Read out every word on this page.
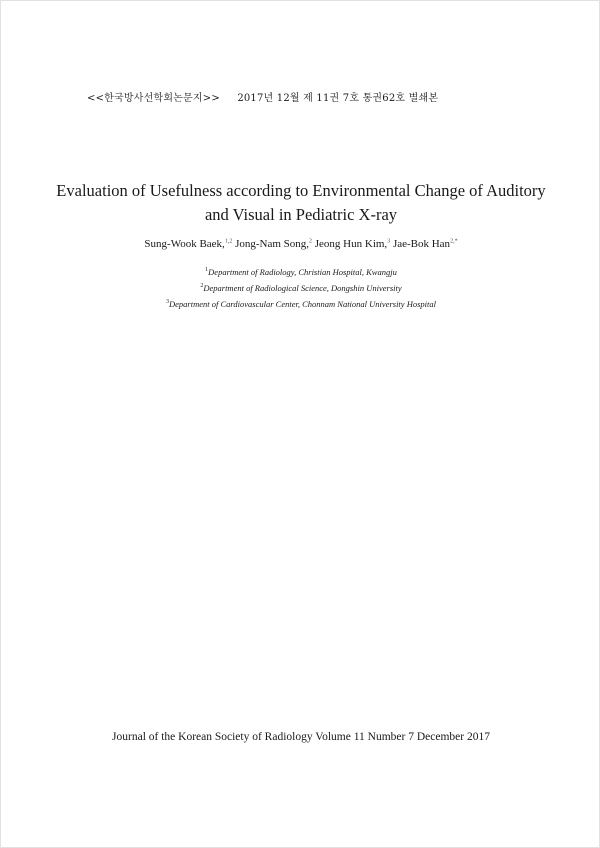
<<한국방사선학회논문지>> 2017년 12월 제 11권 7호 통권62호 별쇄본
Evaluation of Usefulness according to Environmental Change of Auditory
and Visual in Pediatric X-ray
Sung-Wook Baek,$^{1,2}$ Jong-Nam Song,$^2$ Jeong Hun Kim,$^3$ Jae-Bok Han$^{2,*}$
$^1$Department of Radiology, Christian Hospital, Kwangju
$^2$Department of Radiological Science, Dongshin University
$^3$Department of Cardiovascular Center, Chonnam National University Hospital
Journal of the Korean Society of Radiology Volume 11 Number 7 December 2017
